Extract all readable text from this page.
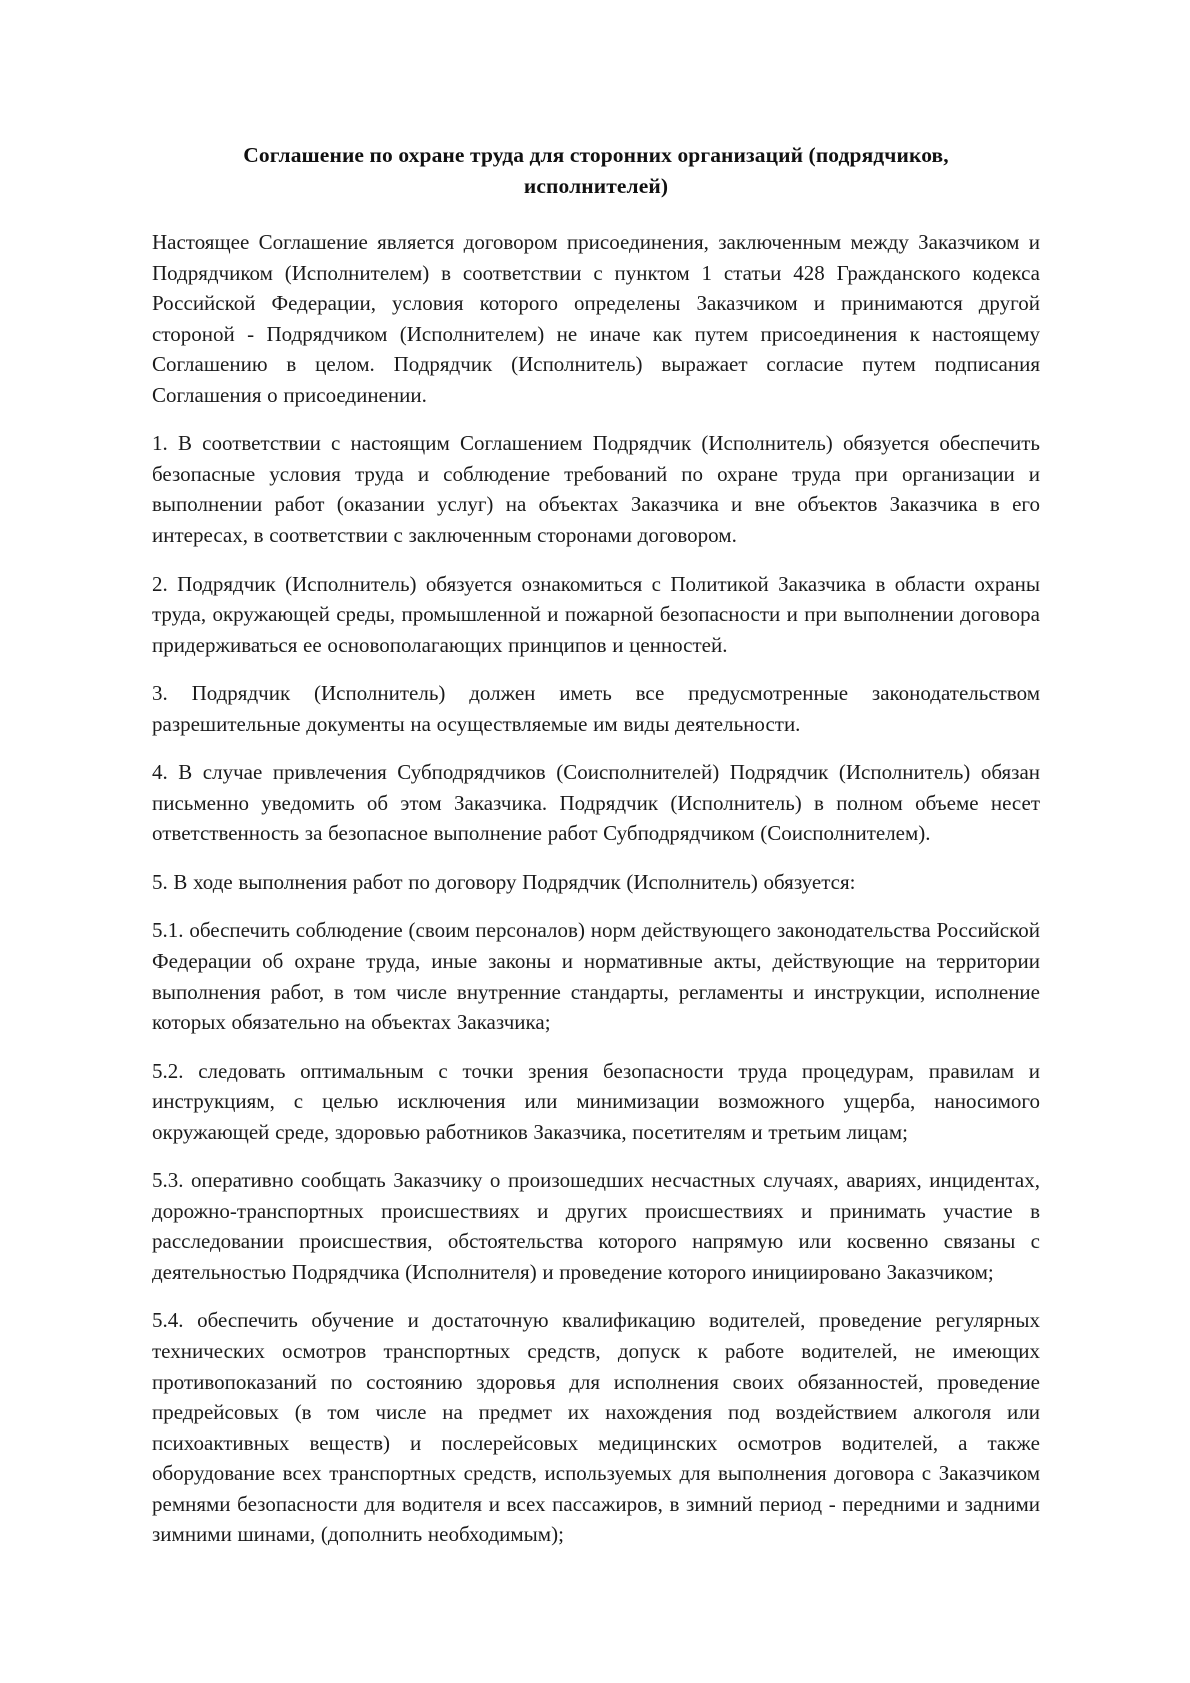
Соглашение по охране труда для сторонних организаций (подрядчиков, исполнителей)

Настоящее Соглашение является договором присоединения, заключенным между Заказчиком и Подрядчиком (Исполнителем) в соответствии с пунктом 1 статьи 428 Гражданского кодекса Российской Федерации, условия которого определены Заказчиком и принимаются другой стороной - Подрядчиком (Исполнителем) не иначе как путем присоединения к настоящему Соглашению в целом. Подрядчик (Исполнитель) выражает согласие путем подписания Соглашения о присоединении.

1. В соответствии с настоящим Соглашением Подрядчик (Исполнитель) обязуется обеспечить безопасные условия труда и соблюдение требований по охране труда при организации и выполнении работ (оказании услуг) на объектах Заказчика и вне объектов Заказчика в его интересах, в соответствии с заключенным сторонами договором.

2. Подрядчик (Исполнитель) обязуется ознакомиться с Политикой Заказчика в области охраны труда, окружающей среды, промышленной и пожарной безопасности и при выполнении договора придерживаться ее основополагающих принципов и ценностей.

3. Подрядчик (Исполнитель) должен иметь все предусмотренные законодательством разрешительные документы на осуществляемые им виды деятельности.

4. В случае привлечения Субподрядчиков (Соисполнителей) Подрядчик (Исполнитель) обязан письменно уведомить об этом Заказчика. Подрядчик (Исполнитель) в полном объеме несет ответственность за безопасное выполнение работ Субподрядчиком (Соисполнителем).

5. В ходе выполнения работ по договору Подрядчик (Исполнитель) обязуется:

5.1. обеспечить соблюдение (своим персоналов) норм действующего законодательства Российской Федерации об охране труда, иные законы и нормативные акты, действующие на территории выполнения работ, в том числе внутренние стандарты, регламенты и инструкции, исполнение которых обязательно на объектах Заказчика;

5.2. следовать оптимальным с точки зрения безопасности труда процедурам, правилам и инструкциям, с целью исключения или минимизации возможного ущерба, наносимого окружающей среде, здоровью работников Заказчика, посетителям и третьим лицам;

5.3. оперативно сообщать Заказчику о произошедших несчастных случаях, авариях, инцидентах, дорожно-транспортных происшествиях и других происшествиях и принимать участие в расследовании происшествия, обстоятельства которого напрямую или косвенно связаны с деятельностью Подрядчика (Исполнителя) и проведение которого инициировано Заказчиком;

5.4. обеспечить обучение и достаточную квалификацию водителей, проведение регулярных технических осмотров транспортных средств, допуск к работе водителей, не имеющих противопоказаний по состоянию здоровья для исполнения своих обязанностей, проведение предрейсовых (в том числе на предмет их нахождения под воздействием алкоголя или психоактивных веществ) и послерейсовых медицинских осмотров водителей, а также оборудование всех транспортных средств, используемых для выполнения договора с Заказчиком ремнями безопасности для водителя и всех пассажиров, в зимний период - передними и задними зимними шинами, (дополнить необходимым);
